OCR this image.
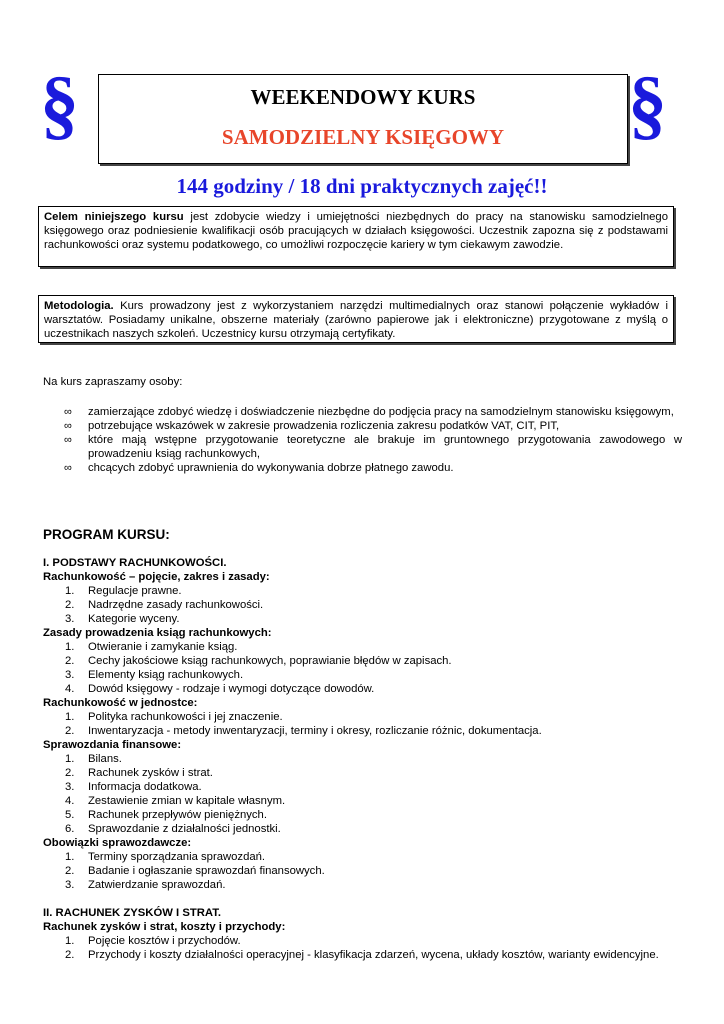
§	§
WEEKENDOWY KURS
SAMODZIELNY KSIĘGOWY
144 godziny / 18 dni praktycznych zajęć!!
Celem niniejszego kursu jest zdobycie wiedzy i umiejętności niezbędnych do pracy na stanowisku samodzielnego księgowego oraz podniesienie kwalifikacji osób pracujących w działach księgowości. Uczestnik zapozna się z podstawami rachunkowości oraz systemu podatkowego, co umożliwi rozpoczęcie kariery w tym ciekawym zawodzie.
Metodologia. Kurs prowadzony jest z wykorzystaniem narzędzi multimedialnych oraz stanowi połączenie wykładów i warsztatów. Posiadamy unikalne, obszerne materiały (zarówno papierowe jak i elektroniczne) przygotowane z myślą o uczestnikach naszych szkoleń. Uczestnicy kursu otrzymają certyfikaty.
Na kurs zapraszamy osoby:
∞ zamierzające zdobyć wiedzę i doświadczenie niezbędne do podjęcia pracy na samodzielnym stanowisku księgowym,
∞ potrzebujące wskazówek w zakresie prowadzenia rozliczenia zakresu podatków VAT, CIT, PIT,
∞ które mają wstępne przygotowanie teoretyczne ale brakuje im gruntownego przygotowania zawodowego w prowadzeniu ksiąg rachunkowych,
∞ chcących zdobyć uprawnienia do wykonywania dobrze płatnego zawodu.
PROGRAM KURSU:
I. PODSTAWY RACHUNKOWOŚCI.
Rachunkowość – pojęcie, zakres i zasady:
1. Regulacje prawne.
2. Nadrzędne zasady rachunkowości.
3. Kategorie wyceny.
Zasady prowadzenia ksiąg rachunkowych:
1. Otwieranie i zamykanie ksiąg.
2. Cechy jakościowe ksiąg rachunkowych, poprawianie błędów w zapisach.
3. Elementy ksiąg rachunkowych.
4. Dowód księgowy - rodzaje i wymogi dotyczące dowodów.
Rachunkowość w jednostce:
1. Polityka rachunkowości i jej znaczenie.
2. Inwentaryzacja - metody inwentaryzacji, terminy i okresy, rozliczanie różnic, dokumentacja.
Sprawozdania finansowe:
1. Bilans.
2. Rachunek zysków i strat.
3. Informacja dodatkowa.
4. Zestawienie zmian w kapitale własnym.
5. Rachunek przepływów pieniężnych.
6. Sprawozdanie z działalności jednostki.
Obowiązki sprawozdawcze:
1. Terminy sporządzania sprawozdań.
2. Badanie i ogłaszanie sprawozdań finansowych.
3. Zatwierdzanie sprawozdań.
II. RACHUNEK ZYSKÓW I STRAT.
Rachunek zysków i strat, koszty i przychody:
1. Pojęcie kosztów i przychodów.
2. Przychody i koszty działalności operacyjnej - klasyfikacja zdarzeń, wycena, układy kosztów, warianty ewidencyjne.
